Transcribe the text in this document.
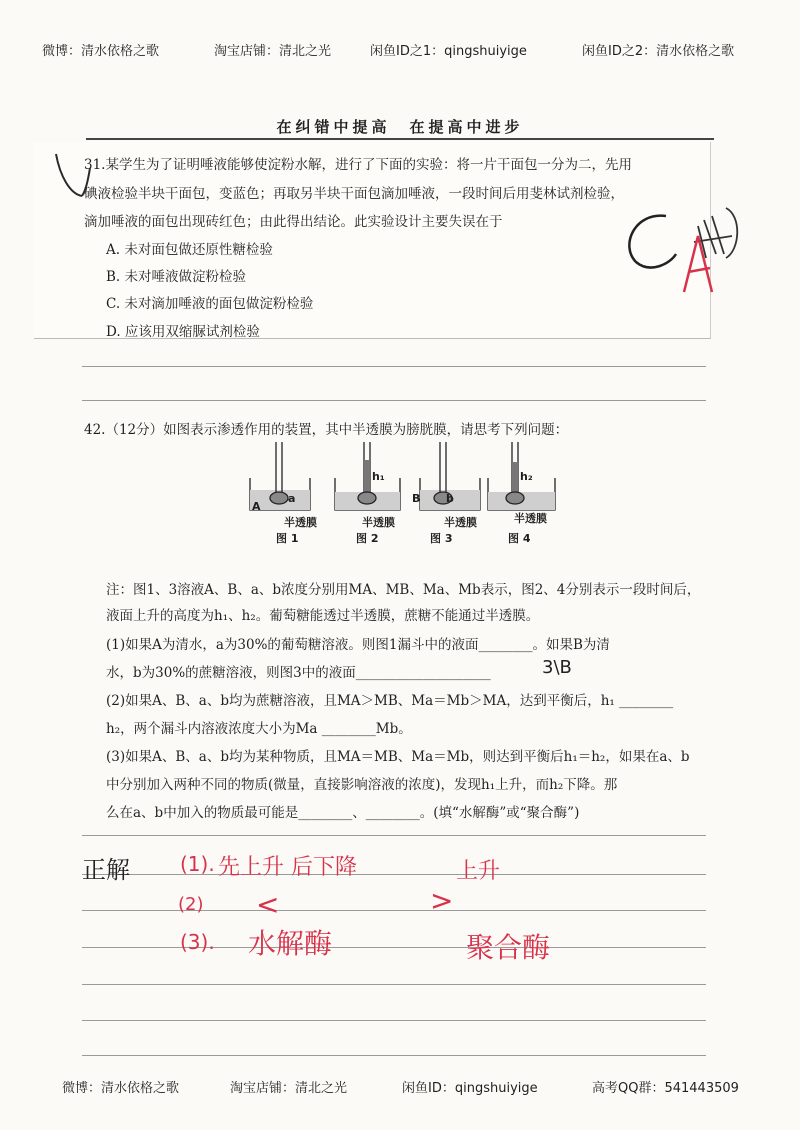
微博：清水依格之歌	淘宝店铺：清北之光	闲鱼ID之1：qingshuiyige	闲鱼ID之2：清水依格之歌
在纠错中提高　在提高中进步
31.某学生为了证明唾液能够使淀粉水解，进行了下面的实验：将一片干面包一分为二，先用
碘液检验半块干面包，变蓝色；再取另半块干面包滴加唾液，一段时间后用斐林试剂检验，
滴加唾液的面包出现砖红色；由此得出结论。此实验设计主要失误在于
A. 未对面包做还原性糖检验
B. 未对唾液做淀粉检验
C. 未对滴加唾液的面包做淀粉检验
D. 应该用双缩脲试剂检验
42.（12分）如图表示渗透作用的装置，其中半透膜为膀胱膜，请思考下列问题：
A
a	B b
h₁	h₂
半透膜	半透膜	半透膜	半透膜
图 1	图 2	图 3	图 4
注：图1、3溶液A、B、a、b浓度分别用MA、MB、Ma、Mb表示，图2、4分别表示一段时间后，
液面上升的高度为h₁、h₂。葡萄糖能透过半透膜，蔗糖不能通过半透膜。
(1)如果A为清水，a为30%的葡萄糖溶液。则图1漏斗中的液面________。如果B为清
水，b为30%的蔗糖溶液，则图3中的液面____________________	3\B
(2)如果A、B、a、b均为蔗糖溶液，且MA＞MB、Ma＝Mb＞MA，达到平衡后，h₁ ________
h₂，两个漏斗内溶液浓度大小为Ma ________Mb。
(3)如果A、B、a、b均为某种物质，且MA＝MB、Ma＝Mb，则达到平衡后h₁＝h₂，如果在a、b
中分别加入两种不同的物质(微量，直接影响溶液的浓度)，发现h₁上升，而h₂下降。那
么在a、b中加入的物质最可能是________、________。(填“水解酶”或“聚合酶”)
正解	(1). 先上升 后下降	上升
(2) <	>
(3). 水解酶	聚合酶
微博：清水依格之歌	淘宝店铺：清北之光	闲鱼ID：qingshuiyige	高考QQ群：541443509
